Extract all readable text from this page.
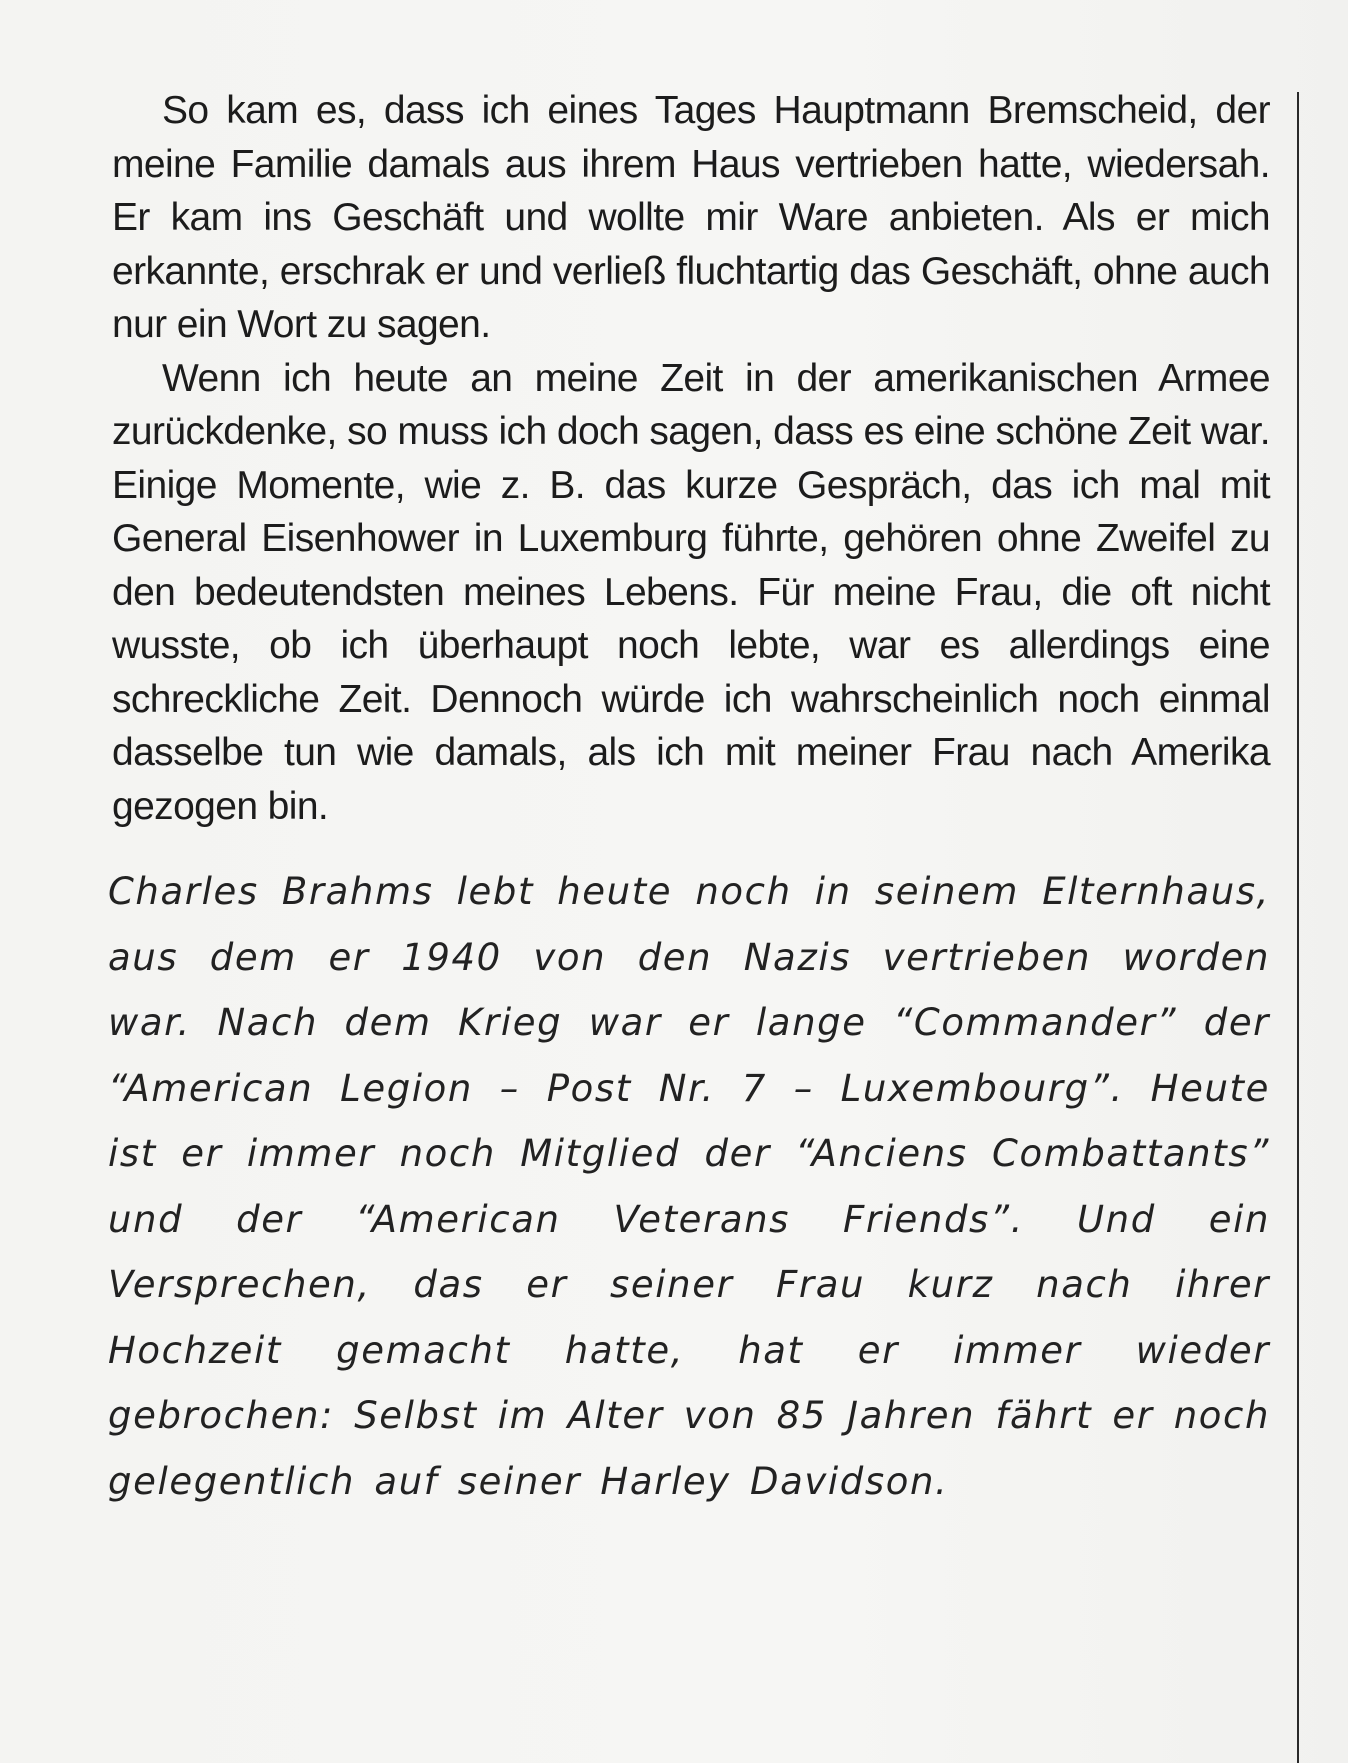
So kam es, dass ich eines Tages Hauptmann Bremscheid, der meine Familie damals aus ihrem Haus vertrieben hatte, wiedersah. Er kam ins Geschäft und wollte mir Ware anbieten. Als er mich erkannte, erschrak er und verließ fluchtartig das Geschäft, ohne auch nur ein Wort zu sagen.

Wenn ich heute an meine Zeit in der amerikanischen Armee zurückdenke, so muss ich doch sagen, dass es eine schöne Zeit war. Einige Momente, wie z. B. das kurze Gespräch, das ich mal mit General Eisenhower in Luxemburg führte, gehören ohne Zweifel zu den bedeutendsten meines Lebens. Für meine Frau, die oft nicht wusste, ob ich überhaupt noch lebte, war es allerdings eine schreckliche Zeit. Dennoch würde ich wahrscheinlich noch einmal dasselbe tun wie damals, als ich mit meiner Frau nach Amerika gezogen bin.

Charles Brahms lebt heute noch in seinem Elternhaus, aus dem er 1940 von den Nazis vertrieben worden war. Nach dem Krieg war er lange “Commander” der “American Legion – Post Nr. 7 – Luxembourg”. Heute ist er immer noch Mitglied der “Anciens Combattants” und der “American Veterans Friends”. Und ein Versprechen, das er seiner Frau kurz nach ihrer Hochzeit gemacht hatte, hat er immer wieder gebrochen: Selbst im Alter von 85 Jahren fährt er noch gelegentlich auf seiner Harley Davidson.
